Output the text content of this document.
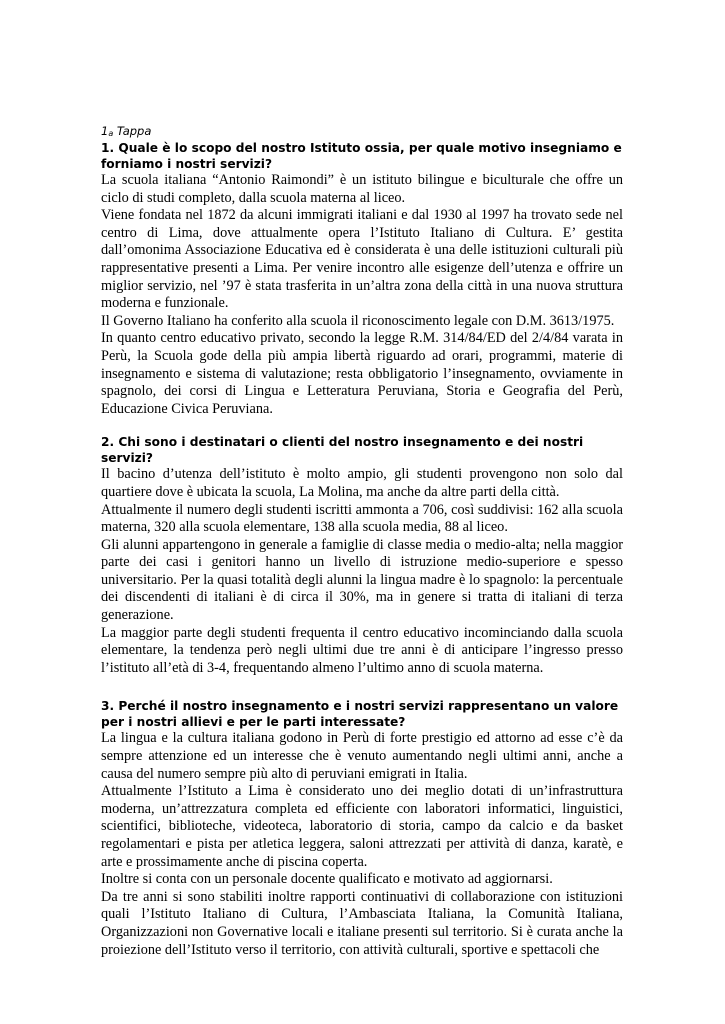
1a Tappa

1. Quale è lo scopo del nostro Istituto ossia, per quale motivo insegniamo e forniamo i nostri servizi?

La scuola italiana “Antonio Raimondi” è un istituto bilingue e biculturale che offre un ciclo di studi completo, dalla scuola materna al liceo.

Viene fondata nel 1872 da alcuni immigrati italiani e dal 1930 al 1997 ha trovato sede nel centro di Lima, dove attualmente opera l’Istituto Italiano di Cultura. E’ gestita dall’omonima Associazione Educativa ed è considerata è una delle istituzioni culturali più rappresentative presenti a Lima. Per venire incontro alle esigenze dell’utenza e offrire un miglior servizio, nel ’97 è stata trasferita in un’altra zona della città in una nuova struttura moderna e funzionale.

Il Governo Italiano ha conferito alla scuola il riconoscimento legale con D.M. 3613/1975.

In quanto centro educativo privato, secondo la legge R.M. 314/84/ED del 2/4/84 varata in Perù, la Scuola gode della più ampia libertà riguardo ad orari, programmi, materie di insegnamento e sistema di valutazione; resta obbligatorio l’insegnamento, ovviamente in spagnolo, dei corsi di Lingua e Letteratura Peruviana, Storia e Geografia del Perù, Educazione Civica Peruviana.

2. Chi sono i destinatari o clienti del nostro insegnamento e dei nostri servizi?

Il bacino d’utenza dell’istituto è molto ampio, gli studenti provengono non solo dal quartiere dove è ubicata la scuola, La Molina, ma anche da altre parti della città.

Attualmente il numero degli studenti iscritti ammonta a 706, così suddivisi: 162 alla scuola materna, 320 alla scuola elementare, 138 alla scuola media, 88 al liceo.

Gli alunni appartengono in generale a famiglie di classe media o medio-alta; nella maggior parte dei casi i genitori hanno un livello di istruzione medio-superiore e spesso universitario. Per la quasi totalità degli alunni la lingua madre è lo spagnolo: la percentuale dei discendenti di italiani è di circa il 30%, ma in genere si tratta di italiani di terza generazione.

La maggior parte degli studenti frequenta il centro educativo incominciando dalla scuola elementare, la tendenza però negli ultimi due tre anni è di anticipare l’ingresso presso l’istituto all’età di 3-4, frequentando almeno l’ultimo anno di scuola materna.

3. Perché il nostro insegnamento e i nostri servizi rappresentano un valore per i nostri allievi e per le parti interessate?

La lingua e la cultura italiana godono in Perù di forte prestigio ed attorno ad esse c’è da sempre attenzione ed un interesse che è venuto aumentando negli ultimi anni, anche a causa del numero sempre più alto di peruviani emigrati in Italia.

Attualmente l’Istituto a Lima è considerato uno dei meglio dotati di un’infrastruttura moderna, un’attrezzatura completa ed efficiente con laboratori informatici, linguistici, scientifici, biblioteche, videoteca, laboratorio di storia, campo da calcio e da basket regolamentari e pista per atletica leggera, saloni attrezzati per attività di danza, karatè, e arte e prossimamente anche di piscina coperta.

Inoltre si conta con un personale docente qualificato e motivato ad aggiornarsi.

Da tre anni si sono stabiliti inoltre rapporti continuativi di collaborazione con istituzioni quali l’Istituto Italiano di Cultura, l’Ambasciata Italiana, la Comunità Italiana, Organizzazioni non Governative locali e italiane presenti sul territorio. Si è curata anche la proiezione dell’Istituto verso il territorio, con attività culturali, sportive e spettacoli che
